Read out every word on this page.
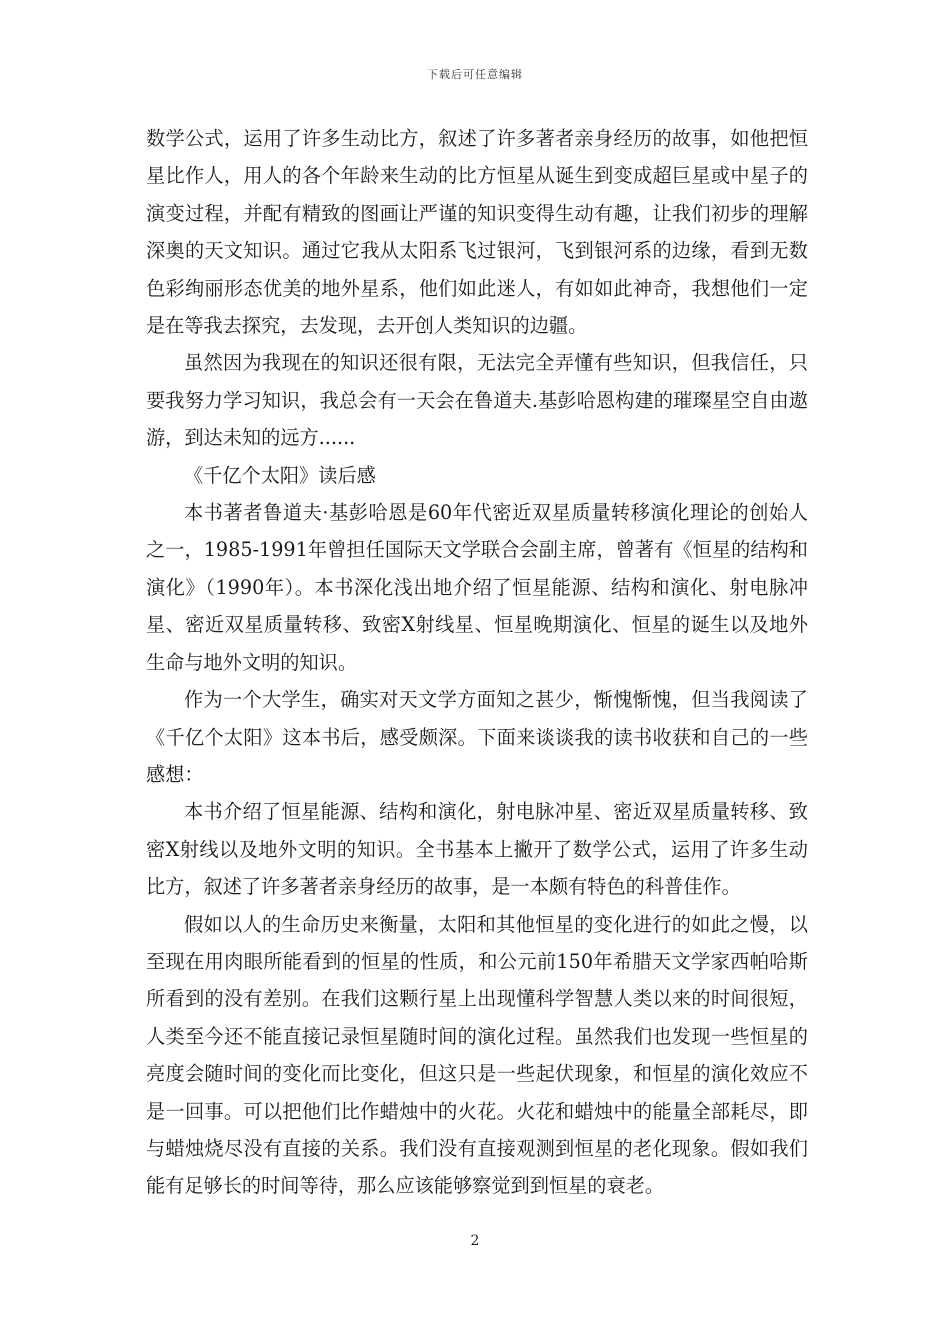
下载后可任意编辑

数学公式，运用了许多生动比方，叙述了许多著者亲身经历的故事，如他把恒星比作人，用人的各个年龄来生动的比方恒星从诞生到变成超巨星或中星子的演变过程，并配有精致的图画让严谨的知识变得生动有趣，让我们初步的理解深奥的天文知识。通过它我从太阳系飞过银河，飞到银河系的边缘，看到无数色彩绚丽形态优美的地外星系，他们如此迷人，有如如此神奇，我想他们一定是在等我去探究，去发现，去开创人类知识的边疆。

虽然因为我现在的知识还很有限，无法完全弄懂有些知识，但我信任，只要我努力学习知识，我总会有一天会在鲁道夫.基彭哈恩构建的璀璨星空自由遨游，到达未知的远方......

《千亿个太阳》读后感

本书著者鲁道夫·基彭哈恩是60年代密近双星质量转移演化理论的创始人之一，1985-1991年曾担任国际天文学联合会副主席，曾著有《恒星的结构和演化》（1990年）。本书深化浅出地介绍了恒星能源、结构和演化、射电脉冲星、密近双星质量转移、致密X射线星、恒星晚期演化、恒星的诞生以及地外生命与地外文明的知识。

作为一个大学生，确实对天文学方面知之甚少，惭愧惭愧，但当我阅读了《千亿个太阳》这本书后，感受颇深。下面来谈谈我的读书收获和自己的一些感想：

本书介绍了恒星能源、结构和演化，射电脉冲星、密近双星质量转移、致密X射线以及地外文明的知识。全书基本上撇开了数学公式，运用了许多生动比方，叙述了许多著者亲身经历的故事，是一本颇有特色的科普佳作。

假如以人的生命历史来衡量，太阳和其他恒星的变化进行的如此之慢，以至现在用肉眼所能看到的恒星的性质，和公元前150年希腊天文学家西帕哈斯所看到的没有差别。在我们这颗行星上出现懂科学智慧人类以来的时间很短，人类至今还不能直接记录恒星随时间的演化过程。虽然我们也发现一些恒星的亮度会随时间的变化而比变化，但这只是一些起伏现象，和恒星的演化效应不是一回事。可以把他们比作蜡烛中的火花。火花和蜡烛中的能量全部耗尽，即与蜡烛烧尽没有直接的关系。我们没有直接观测到恒星的老化现象。假如我们能有足够长的时间等待，那么应该能够察觉到到恒星的衰老。

2
